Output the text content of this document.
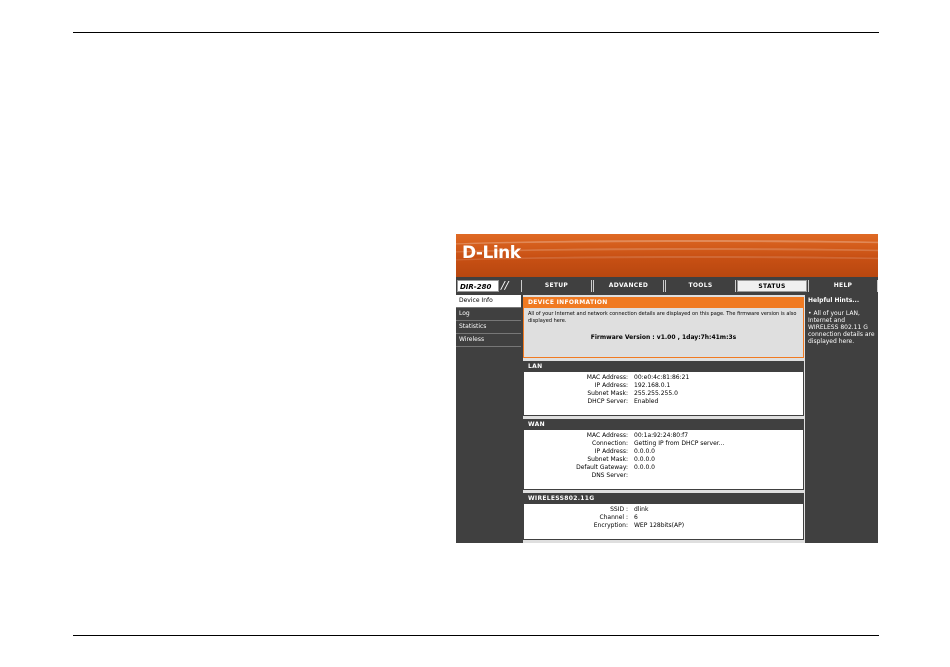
D-Link
DIR-280 //	SETUP	ADVANCED	TOOLS	STATUS	HELP
Device Info
Log
Statistics
Wireless
DEVICE INFORMATION
All of your Internet and network connection details are displayed on this page. The firmware version is also displayed here.
Firmware Version : v1.00 , 1day:7h:41m:3s
LAN
MAC Address: 00:e0:4c:81:86:21
IP Address: 192.168.0.1
Subnet Mask: 255.255.255.0
DHCP Server: Enabled
WAN
MAC Address: 00:1a:92:24:80:f7
Connection: Getting IP from DHCP server...
IP Address: 0.0.0.0
Subnet Mask: 0.0.0.0
Default Gateway: 0.0.0.0
DNS Server:
WIRELESS802.11G
SSID : dlink
Channel : 6
Encryption: WEP 128bits(AP)
Helpful Hints...
• All of your LAN, Internet and WIRELESS 802.11 G connection details are displayed here.
